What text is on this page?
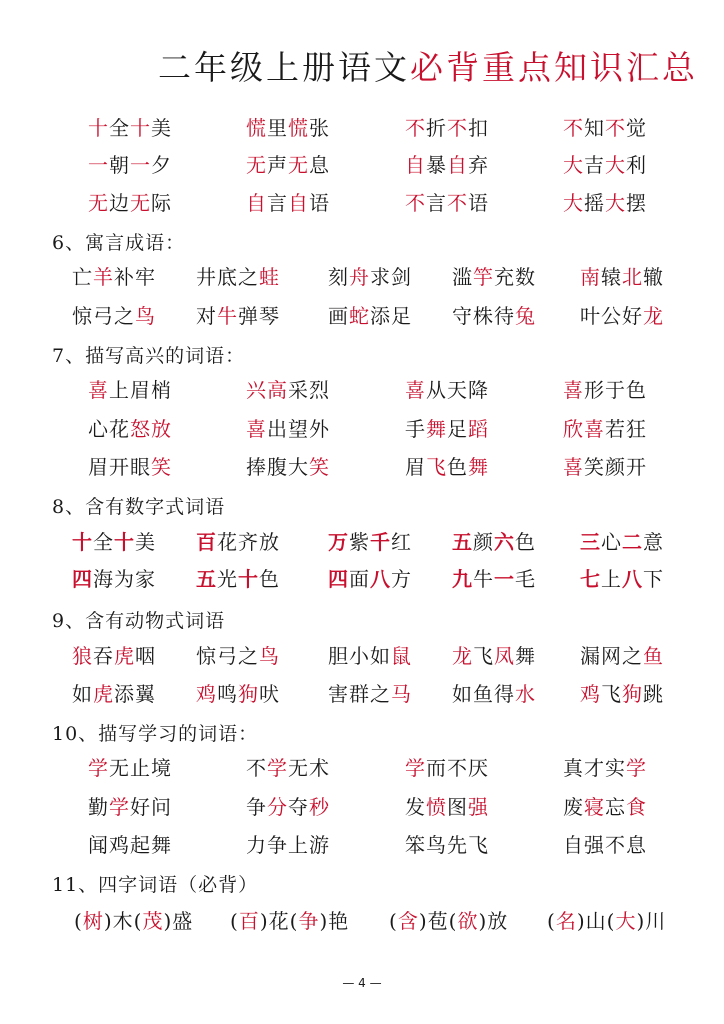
二年级上册语文必背重点知识汇总
十全十美	慌里慌张	不折不扣	不知不觉
一朝一夕	无声无息	自暴自弃	大吉大利
无边无际	自言自语	不言不语	大摇大摆
6、寓言成语：
亡羊补牢 井底之蛙 刻舟求剑 滥竽充数 南辕北辙
惊弓之鸟 对牛弹琴 画蛇添足 守株待兔 叶公好龙
7、描写高兴的词语：
喜上眉梢	兴高采烈	喜从天降	喜形于色
心花怒放	喜出望外	手舞足蹈	欣喜若狂
眉开眼笑	捧腹大笑	眉飞色舞	喜笑颜开
8、含有数字式词语
十全十美 百花齐放 万紫千红 五颜六色 三心二意
四海为家 五光十色 四面八方 九牛一毛 七上八下
9、含有动物式词语
狼吞虎咽 惊弓之鸟 胆小如鼠 龙飞凤舞 漏网之鱼
如虎添翼 鸡鸣狗吠 害群之马 如鱼得水 鸡飞狗跳
10、描写学习的词语：
学无止境	不学无术	学而不厌	真才实学
勤学好问	争分夺秒	发愤图强	废寝忘食
闻鸡起舞	力争上游	笨鸟先飞	自强不息
11、四字词语（必背）
(树)木(茂)盛 (百)花(争)艳 (含)苞(欲)放 (名)山(大)川
— 4 —
